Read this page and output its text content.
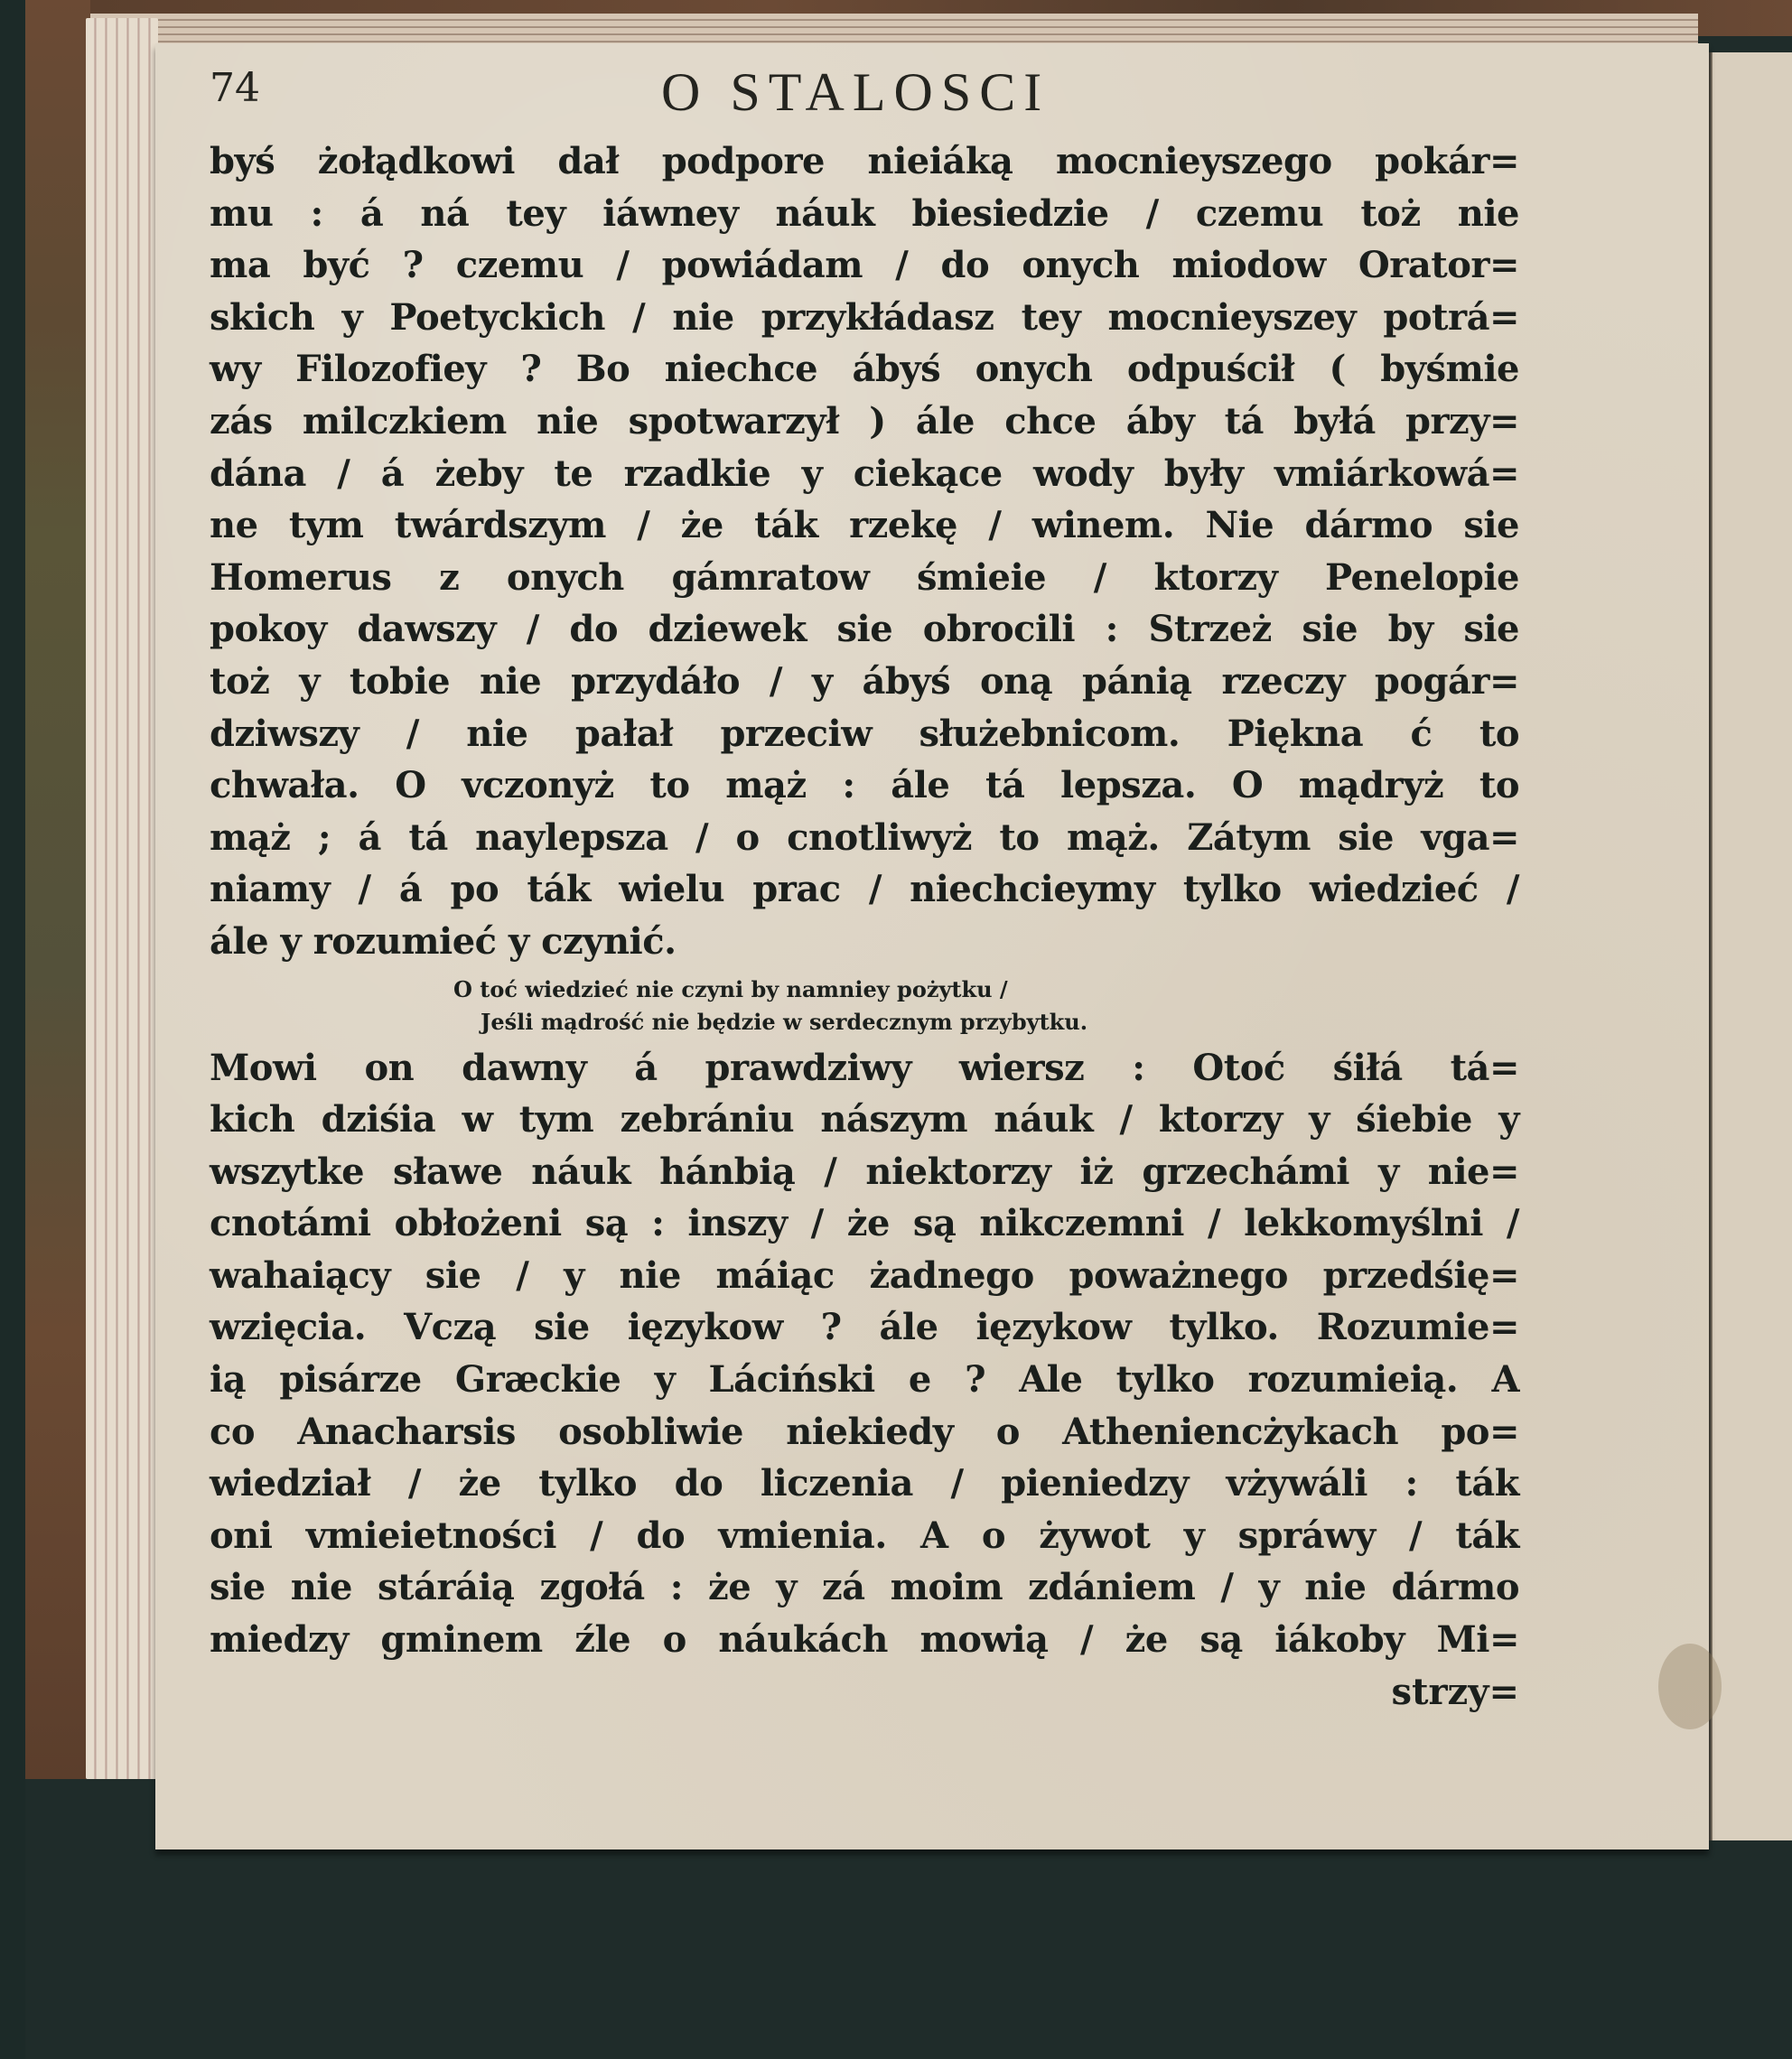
74	O STALOSCI
byś żołądkowi dał podpore nieiáką mocnieyszego pokár=
mu : á ná tey iáwney náuk biesiedzie / czemu toż nie
ma być ? czemu / powiádam / do onych miodow Orator=
skich y Poetyckich / nie przykłádasz tey mocnieyszey potrá=
wy Filozofiey ? Bo niechce ábyś onych odpuścił ( byśmie
zás milczkiem nie spotwarzył ) ále chce áby tá byłá przy=
dána / á żeby te rzadkie y ciekące wody były vmiárkowá=
ne tym twárdszym / że ták rzekę / winem. Nie dármo sie
Homerus z onych gámratow śmieie / ktorzy Penelopie
pokoy dawszy / do dziewek sie obrocili : Strzeż sie by sie
toż y tobie nie przydáło / y ábyś oną pánią rzeczy pogár=
dziwszy / nie pałał przeciw służebnicom. Piękna ć to
chwała. O vczonyż to mąż : ále tá lepsza. O mądryż to
mąż ; á tá naylepsza / o cnotliwyż to mąż. Zátym sie vga=
niamy / á po ták wielu prac / niechcieymy tylko wiedzieć /
ále y rozumieć y czynić.
O toć wiedzieć nie czyni by namniey pożytku /
Jeśli mądrość nie będzie w serdecznym przybytku.
Mowi on dawny á prawdziwy wiersz : Otoć śiłá tá=
kich dziśia w tym zebrániu nászym náuk / ktorzy y śiebie y
wszytke sławe náuk hánbią / niektorzy iż grzechámi y nie=
cnotámi obłożeni są : inszy / że są nikczemni / lekkomyślni /
wahaiący sie / y nie máiąc żadnego poważnego przedśię=
wzięcia. Vczą sie ięzykow ? ále ięzykow tylko. Rozumie=
ią pisárze Græckie y Láciński e ? Ale tylko rozumieią. A
co Anacharsis osobliwie niekiedy o Atheniencżykach po=
wiedział / że tylko do liczenia / pieniedzy vżywáli : ták
oni vmieietności / do vmienia. A o żywot y spráwy / ták
sie nie stáráią zgołá : że y zá moim zdániem / y nie dármo
miedzy gminem źle o náukách mowią / że są iákoby Mi=
strzy=
